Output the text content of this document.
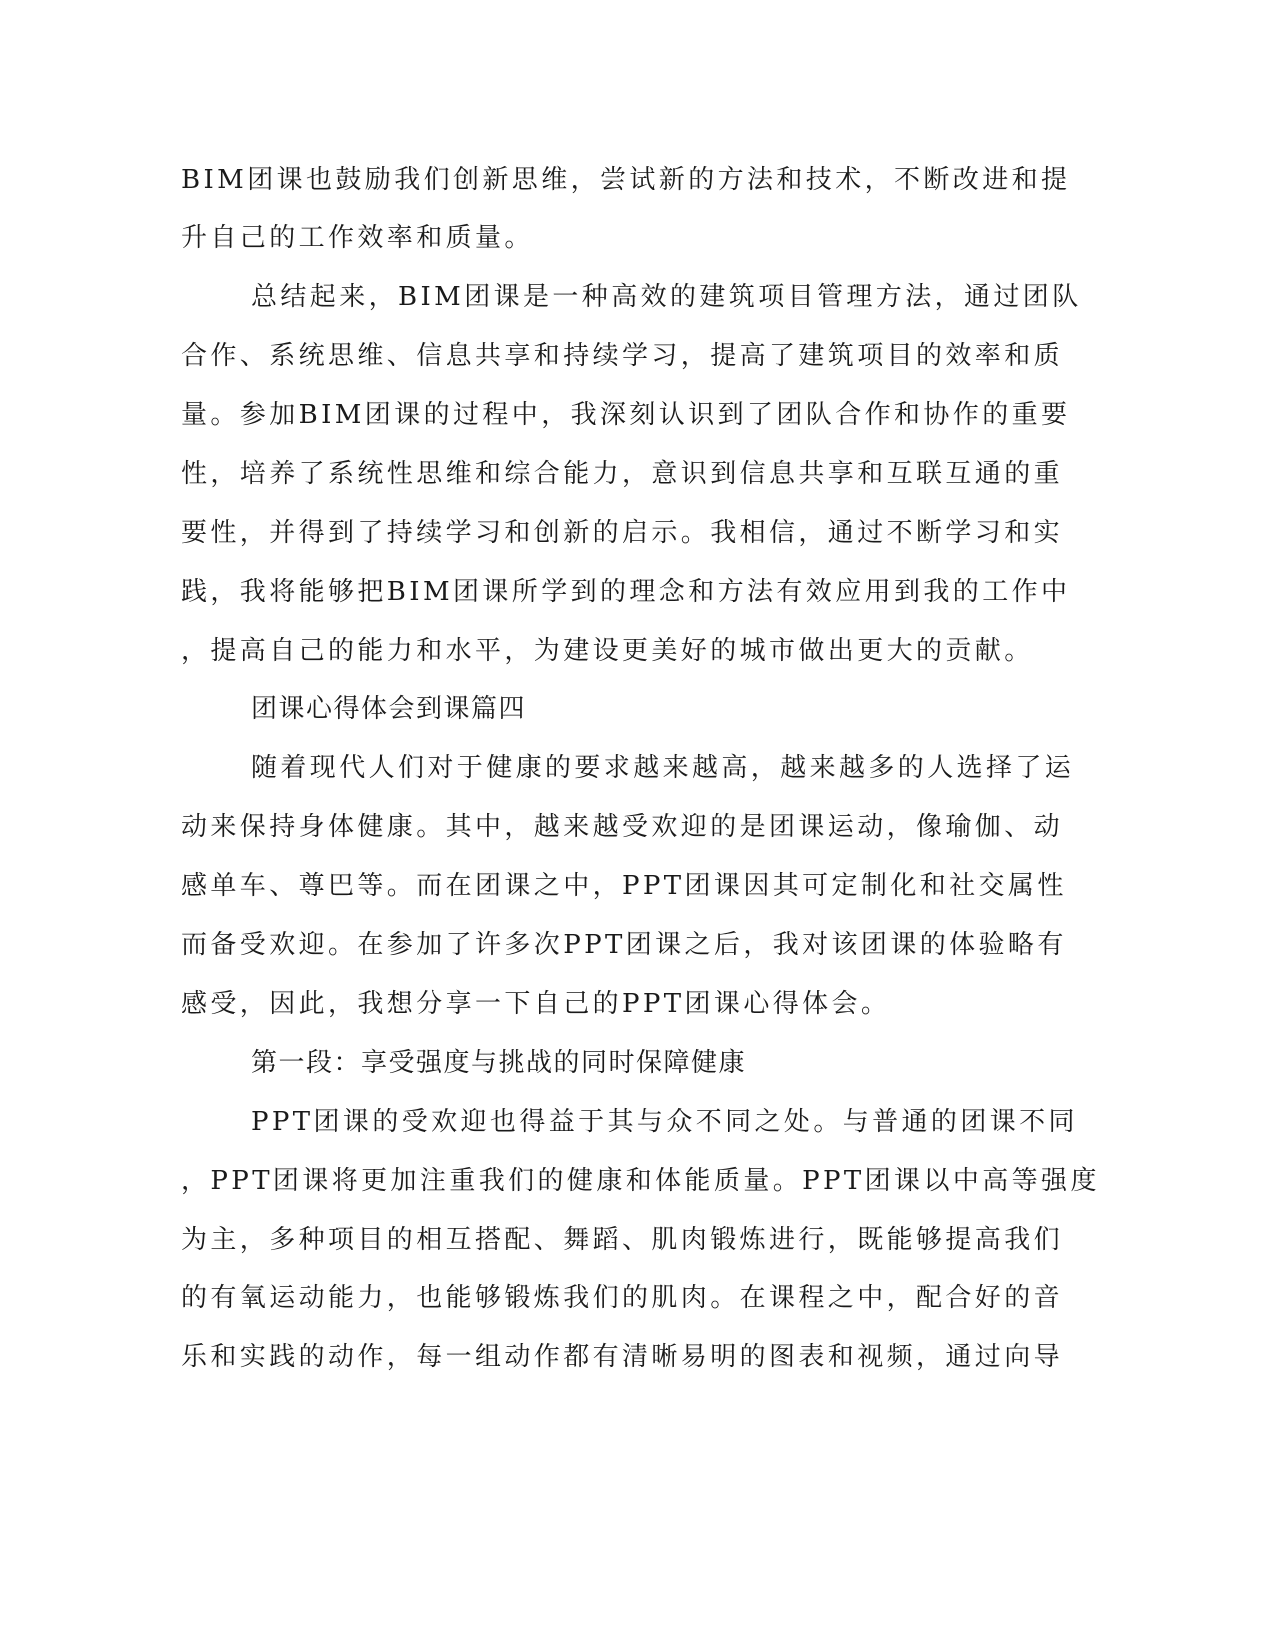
BIM团课也鼓励我们创新思维，尝试新的方法和技术，不断改进和提
升自己的工作效率和质量。
总结起来，BIM团课是一种高效的建筑项目管理方法，通过团队
合作、系统思维、信息共享和持续学习，提高了建筑项目的效率和质
量。参加BIM团课的过程中，我深刻认识到了团队合作和协作的重要
性，培养了系统性思维和综合能力，意识到信息共享和互联互通的重
要性，并得到了持续学习和创新的启示。我相信，通过不断学习和实
践，我将能够把BIM团课所学到的理念和方法有效应用到我的工作中
，提高自己的能力和水平，为建设更美好的城市做出更大的贡献。
团课心得体会到课篇四
随着现代人们对于健康的要求越来越高，越来越多的人选择了运
动来保持身体健康。其中，越来越受欢迎的是团课运动，像瑜伽、动
感单车、尊巴等。而在团课之中，PPT团课因其可定制化和社交属性
而备受欢迎。在参加了许多次PPT团课之后，我对该团课的体验略有
感受，因此，我想分享一下自己的PPT团课心得体会。
第一段：享受强度与挑战的同时保障健康
PPT团课的受欢迎也得益于其与众不同之处。与普通的团课不同
，PPT团课将更加注重我们的健康和体能质量。PPT团课以中高等强度
为主，多种项目的相互搭配、舞蹈、肌肉锻炼进行，既能够提高我们
的有氧运动能力，也能够锻炼我们的肌肉。在课程之中，配合好的音
乐和实践的动作，每一组动作都有清晰易明的图表和视频，通过向导
